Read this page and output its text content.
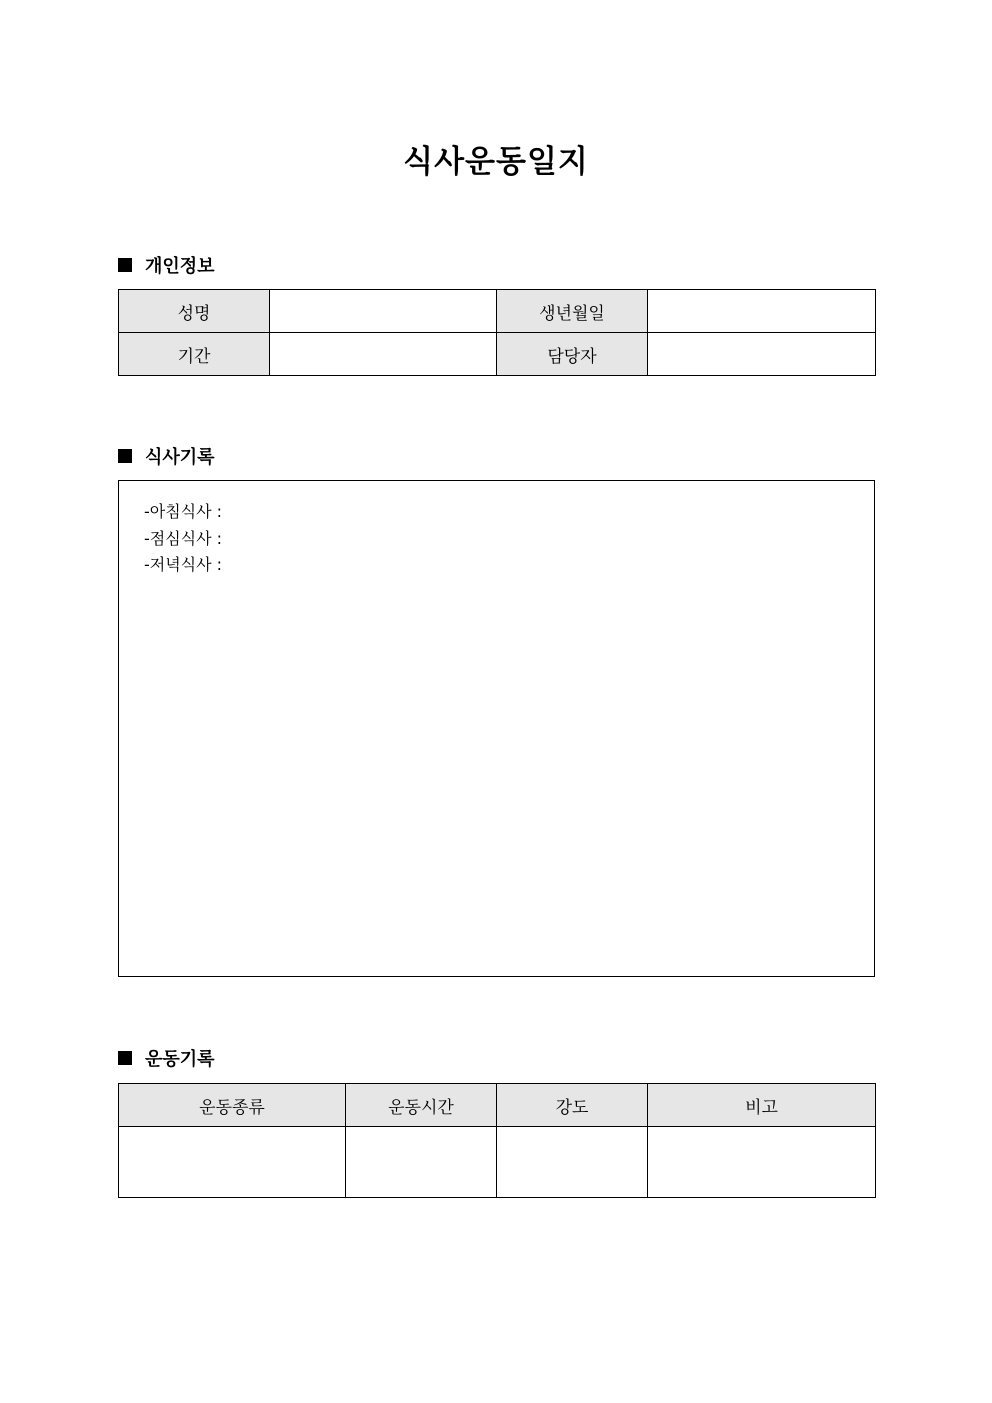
식사운동일지
개인정보
성명		생년월일	
기간		담당자	
식사기록
-아침식사 :
-점심식사 :
-저녁식사 :
운동기록
운동종류	운동시간	강도	비고
